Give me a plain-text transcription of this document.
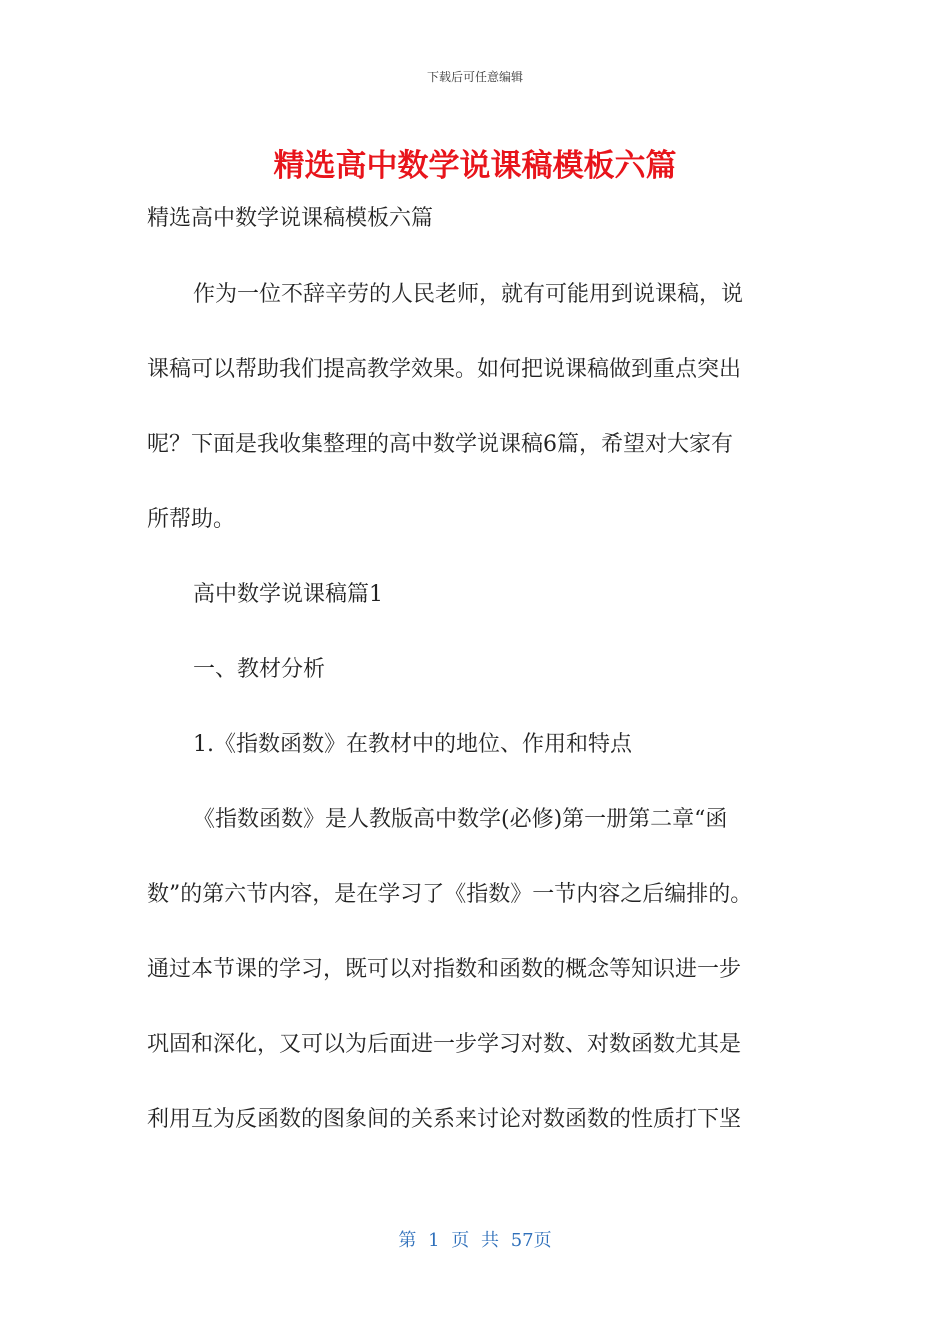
下载后可任意编辑
精选高中数学说课稿模板六篇
精选高中数学说课稿模板六篇
作为一位不辞辛劳的人民老师，就有可能用到说课稿，说
课稿可以帮助我们提高教学效果。如何把说课稿做到重点突出
呢？下面是我收集整理的高中数学说课稿6篇，希望对大家有
所帮助。
高中数学说课稿篇1
一、教材分析
1.《指数函数》在教材中的地位、作用和特点
《指数函数》是人教版高中数学(必修)第一册第二章“函
数”的第六节内容，是在学习了《指数》一节内容之后编排的。
通过本节课的学习，既可以对指数和函数的概念等知识进一步
巩固和深化，又可以为后面进一步学习对数、对数函数尤其是
利用互为反函数的图象间的关系来讨论对数函数的性质打下坚
第 1 页 共 57页
